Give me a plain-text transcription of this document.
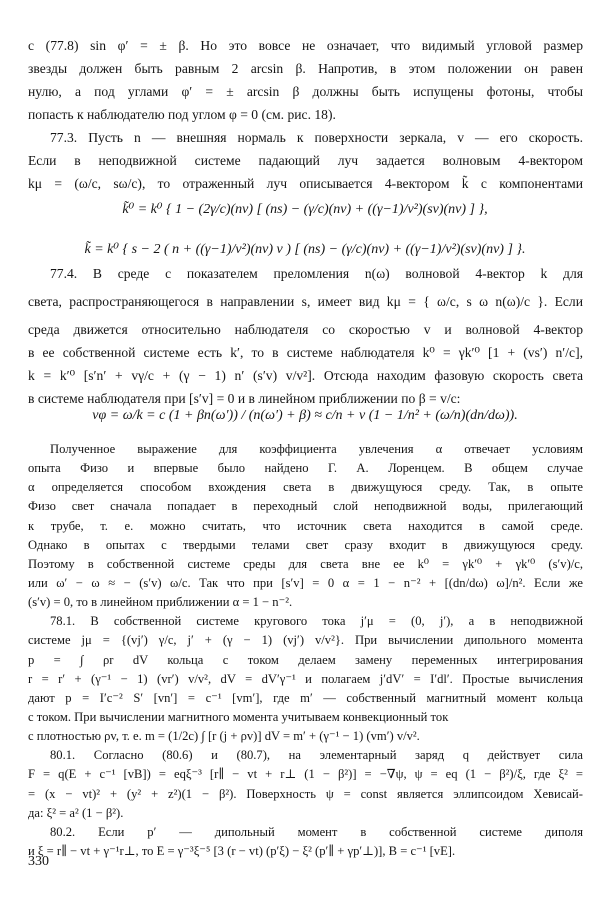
с (77.8) sin φ′ = ± β. Но это вовсе не означает, что видимый угловой размер
звезды должен быть равным 2 arcsin β. Напротив, в этом положении он равен
нулю, а под углами φ′ = ± arcsin β должны быть испущены фотоны, чтобы
попасть к наблюдателю под углом φ = 0 (см. рис. 18).
77.3. Пусть n — внешняя нормаль к поверхности зеркала, v — его скорость.
Если в неподвижной системе падающий луч задается волновым 4-вектором
kμ = (ω/c, sω/c), то отраженный луч описывается 4-вектором k̃ с компонентами
k̃⁰ = k⁰ { 1 − (2γ/c)(nv) [ (ns) − (γ/c)(nv) + ((γ−1)/v²)(sv)(nv) ] },
k̃ = k⁰ { s − 2 ( n + ((γ−1)/v²)(nv) v ) [ (ns) − (γ/c)(nv) + ((γ−1)/v²)(sv)(nv) ] }.
77.4. В среде с показателем преломления n(ω) волновой 4-вектор k для
света, распространяющегося в направлении s, имеет вид kμ = { ω/c, s ω n(ω)/c }. Если
среда движется относительно наблюдателя со скоростью v и волновой 4-вектор
в ее собственной системе есть k′, то в системе наблюдателя k⁰ = γk′⁰ [1 + (vs′) n′/c],
k = k′⁰ [s′n′ + vγ/c + (γ − 1) n′ (s′v) v/v²]. Отсюда находим фазовую скорость света
в системе наблюдателя при [s′v] = 0 и в линейном приближении по β = v/c:
vφ = ω/k = c (1 + βn(ω′)) / (n(ω′) + β) ≈ c/n + v (1 − 1/n² + (ω/n)(dn/dω)).
Полученное выражение для коэффициента увлечения α отвечает условиям
опыта Физо и впервые было найдено Г. А. Лоренцем. В общем случае
α определяется способом вхождения света в движущуюся среду. Так, в опыте
Физо свет сначала попадает в переходный слой неподвижной воды, прилегающий
к трубе, т. е. можно считать, что источник света находится в самой среде.
Однако в опытах с твердыми телами свет сразу входит в движущуюся среду.
Поэтому в собственной системе среды для света вне ее k⁰ = γk′⁰ + γk′⁰ (s′v)/c,
или ω′ − ω ≈ − (s′v) ω/c. Так что при [s′v] = 0 α = 1 − n⁻² + [(dn/dω) ω]/n². Если же
(s′v) = 0, то в линейном приближении α = 1 − n⁻².
78.1. В собственной системе кругового тока j′μ = (0, j′), а в неподвижной
системе jμ = {(vj′) γ/c, j′ + (γ − 1) (vj′) v/v²}. При вычислении дипольного момента
p = ∫ ρr dV кольца с током делаем замену переменных интегрирования
r = r′ + (γ⁻¹ − 1) (vr′) v/v², dV = dV′γ⁻¹ и полагаем j′dV′ = I′dl′. Простые вычисления
дают p = I′c⁻² S′ [vn′] = c⁻¹ [vm′], где m′ — собственный магнитный момент кольца
с током. При вычислении магнитного момента учитываем конвекционный ток
с плотностью ρv, т. е. m = (1/2c) ∫ [r (j + ρv)] dV = m′ + (γ⁻¹ − 1) (vm′) v/v².
80.1. Согласно (80.6) и (80.7), на элементарный заряд q действует сила
F = q(E + c⁻¹ [vB]) = eqξ⁻³ [r∥ − vt + r⊥ (1 − β²)] = −∇ψ, ψ = eq (1 − β²)/ξ, где ξ² =
= (x − vt)² + (y² + z²)(1 − β²). Поверхность ψ = const является эллипсоидом Хевисай-
да: ξ² = a² (1 − β²).
80.2. Если p′ — дипольный момент в собственной системе диполя
и ξ = r∥ − vt + γ⁻¹r⊥, то E = γ⁻³ξ⁻⁵ [3 (r − vt) (p′ξ) − ξ² (p′∥ + γp′⊥)], B = c⁻¹ [vE].
330
